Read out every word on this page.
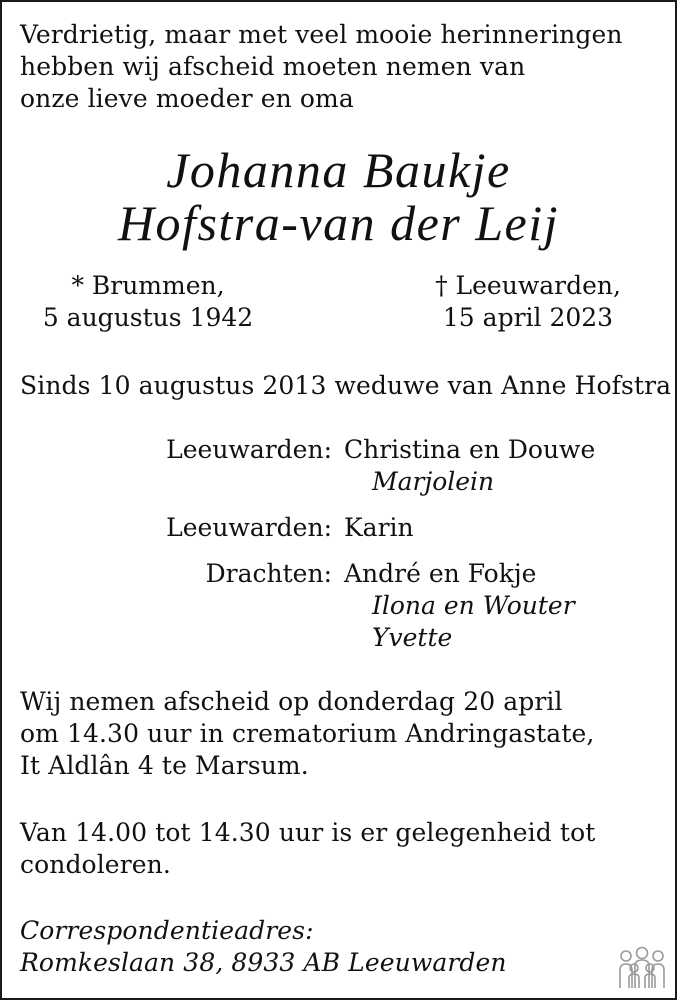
Verdrietig, maar met veel mooie herinneringen
hebben wij afscheid moeten nemen van
onze lieve moeder en oma
Johanna Baukje
Hofstra-van der Leij
* Brummen,
5 augustus 1942
† Leeuwarden,
15 april 2023
Sinds 10 augustus 2013 weduwe van Anne Hofstra
Leeuwarden: Christina en Douwe
Marjolein
Leeuwarden: Karin
Drachten: André en Fokje
Ilona en Wouter
Yvette
Wij nemen afscheid op donderdag 20 april
om 14.30 uur in crematorium Andringastate,
It Aldlân 4 te Marsum.
Van 14.00 tot 14.30 uur is er gelegenheid tot
condoleren.
Correspondentieadres:
Romkeslaan 38, 8933 AB Leeuwarden
